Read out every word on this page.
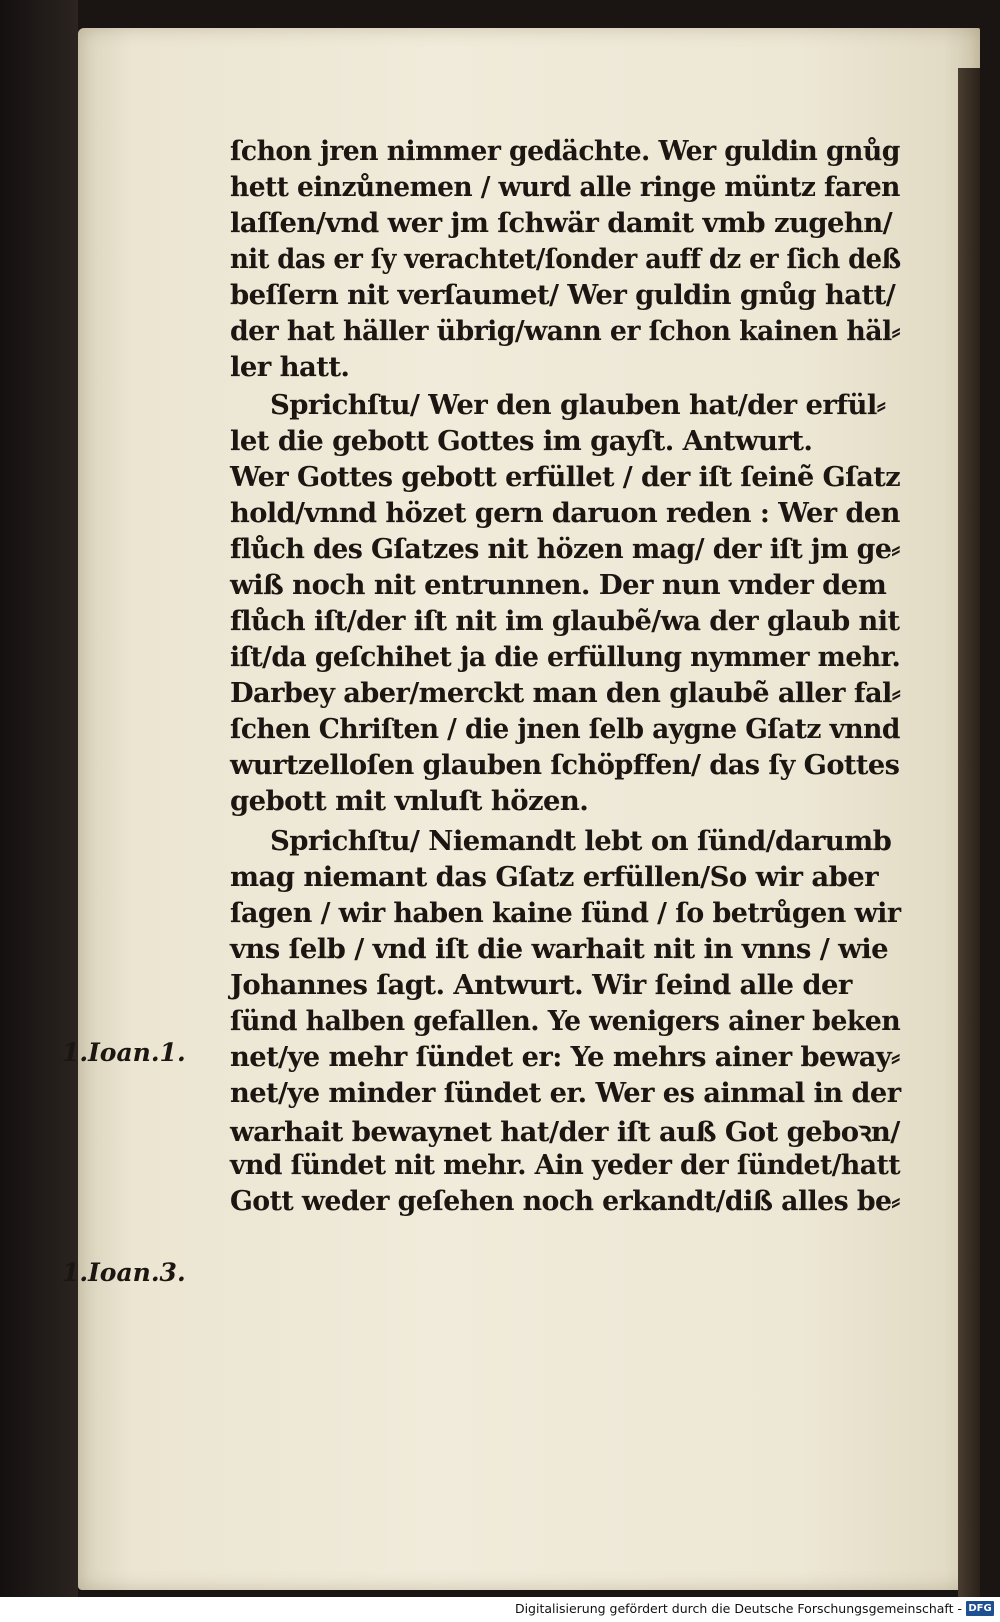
ſchon jren nimmer gedächte. Wer guldin gnůg
hett einzůnemen / wurd alle ringe müntz faren
laſſen/vnd wer jm ſchwär damit vmb zugehn/
nit das er ſy verachtet/ſonder auff dz er ſich deß
beſſern nit verſaumet/ Wer guldin gnůg hatt/
der hat häller übrig/wann er ſchon kainen häl⸗
ler hatt.
Sprichſtu/ Wer den glauben hat/der erfül⸗
let die gebott Gottes im gayſt. Antwurt.
Wer Gottes gebott erfüllet / der iſt ſeinẽ Gſatz
hold/vnnd hözet gern daruon reden : Wer den
flůch des Gſatzes nit hözen mag/ der iſt jm ge⸗
wiß noch nit entrunnen. Der nun vnder dem
flůch iſt/der iſt nit im glaubẽ/wa der glaub nit
iſt/da geſchihet ja die erfüllung nymmer mehr.
Darbey aber/merckt man den glaubẽ aller fal⸗
ſchen Chriſten / die jnen ſelb aygne Gſatz vnnd
wurtzelloſen glauben ſchöpffen/ das ſy Gottes
gebott mit vnluſt hözen.
Sprichſtu/ Niemandt lebt on ſünd/darumb
mag niemant das Gſatz erfüllen/So wir aber
ſagen / wir haben kaine ſünd / ſo betrůgen wir
vns ſelb / vnd iſt die warhait nit in vnns / wie
Johannes ſagt. Antwurt. Wir ſeind alle der
ſünd halben gefallen. Ye wenigers ainer beken
net/ye mehr ſündet er: Ye mehrs ainer beway⸗
net/ye minder ſündet er. Wer es ainmal in der
warhait bewaynet hat/der iſt auß Got geboꝛn/
vnd ſündet nit mehr. Ain yeder der ſündet/hatt
Gott weder geſehen noch erkandt/diß alles be⸗
1.Ioan.1.
1.Ioan.3.
Digitalisierung gefördert durch die Deutsche Forschungsgemeinschaft - DFG
